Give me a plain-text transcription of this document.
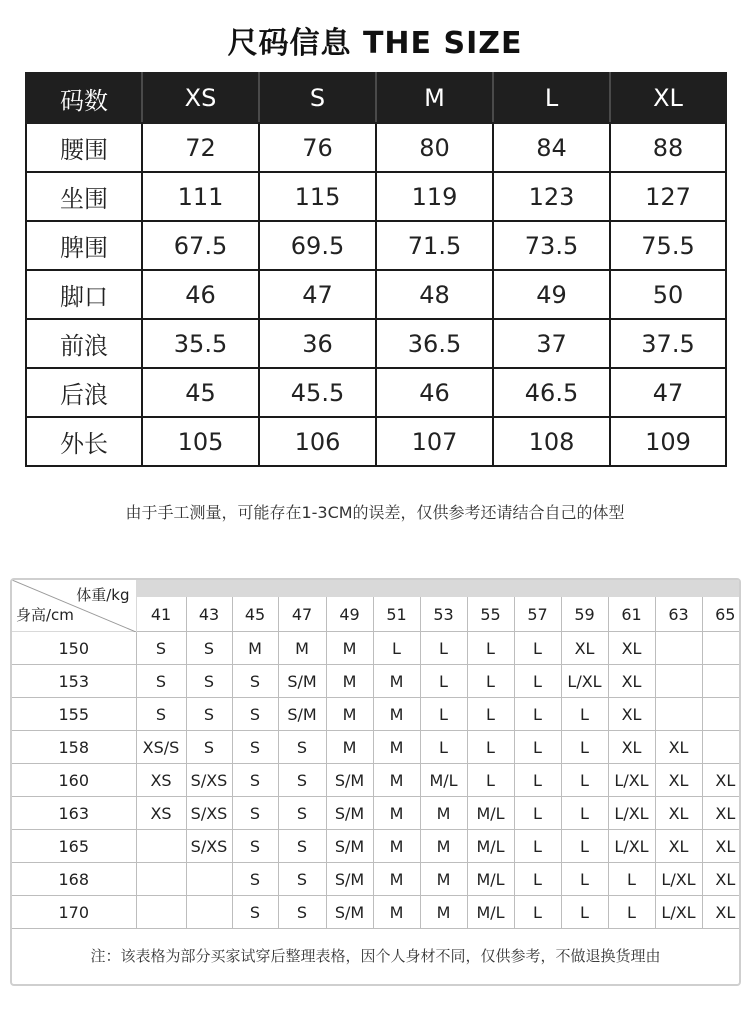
尺码信息 THE SIZE
码数	XS	S	M	L	XL
腰围	72	76	80	84	88
坐围	111	115	119	123	127
脾围	67.5	69.5	71.5	73.5	75.5
脚口	46	47	48	49	50
前浪	35.5	36	36.5	37	37.5
后浪	45	45.5	46	46.5	47
外长	105	106	107	108	109
由于手工测量，可能存在1-3CM的误差，仅供参考还请结合自己的体型
体重/kg
身高/cm													

	41	43	45	47	49	51	53	55	57	59	61	63	65
150	S	S	M	M	M	L	L	L	L	XL	XL		
153	S	S	S	S/M	M	M	L	L	L	L/XL	XL		
155	S	S	S	S/M	M	M	L	L	L	L	XL		
158	XS/S	S	S	S	M	M	L	L	L	L	XL	XL	
160	XS	S/XS	S	S	S/M	M	M/L	L	L	L	L/XL	XL	XL
163	XS	S/XS	S	S	S/M	M	M	M/L	L	L	L/XL	XL	XL
165		S/XS	S	S	S/M	M	M	M/L	L	L	L/XL	XL	XL
168			S	S	S/M	M	M	M/L	L	L	L	L/XL	XL
170			S	S	S/M	M	M	M/L	L	L	L	L/XL	XL
注：该表格为部分买家试穿后整理表格，因个人身材不同，仅供参考，不做退换货理由
